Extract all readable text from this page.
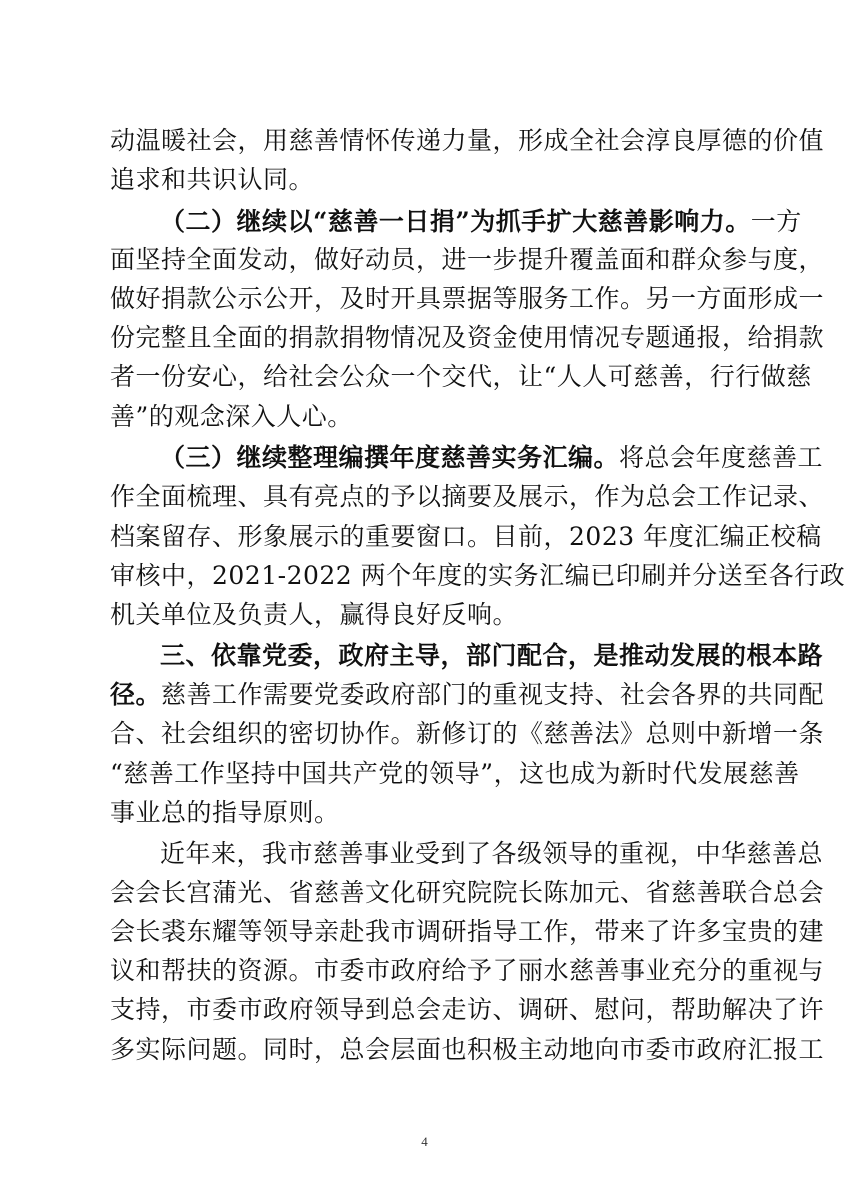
动温暖社会，用慈善情怀传递力量，形成全社会淳良厚德的价值
追求和共识认同。
（二）继续以“慈善一日捐”为抓手扩大慈善影响力。一方
面坚持全面发动，做好动员，进一步提升覆盖面和群众参与度，
做好捐款公示公开，及时开具票据等服务工作。另一方面形成一
份完整且全面的捐款捐物情况及资金使用情况专题通报，给捐款
者一份安心，给社会公众一个交代，让“人人可慈善，行行做慈
善”的观念深入人心。
（三）继续整理编撰年度慈善实务汇编。将总会年度慈善工
作全面梳理、具有亮点的予以摘要及展示，作为总会工作记录、
档案留存、形象展示的重要窗口。目前，2023 年度汇编正校稿
审核中，2021-2022 两个年度的实务汇编已印刷并分送至各行政
机关单位及负责人，赢得良好反响。
三、依靠党委，政府主导，部门配合，是推动发展的根本路
径。慈善工作需要党委政府部门的重视支持、社会各界的共同配
合、社会组织的密切协作。新修订的《慈善法》总则中新增一条
“慈善工作坚持中国共产党的领导”，这也成为新时代发展慈善
事业总的指导原则。
近年来，我市慈善事业受到了各级领导的重视，中华慈善总
会会长宫蒲光、省慈善文化研究院院长陈加元、省慈善联合总会
会长裘东耀等领导亲赴我市调研指导工作，带来了许多宝贵的建
议和帮扶的资源。市委市政府给予了丽水慈善事业充分的重视与
支持，市委市政府领导到总会走访、调研、慰问，帮助解决了许
多实际问题。同时，总会层面也积极主动地向市委市政府汇报工
4
